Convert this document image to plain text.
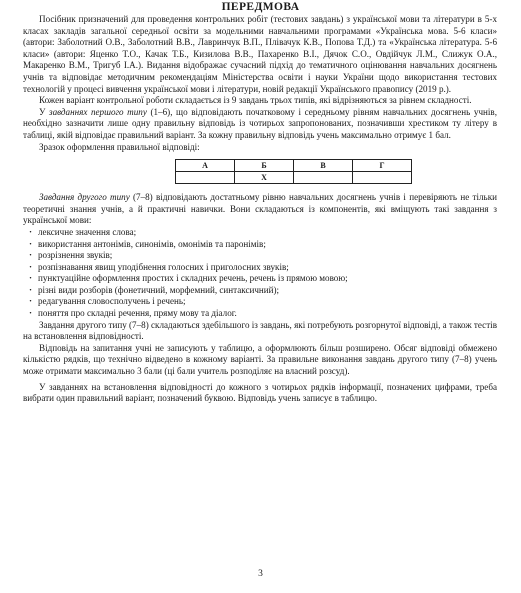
ПЕРЕДМОВА

Посібник призначений для проведення контрольних робіт (тестових завдань) з української мови та літератури в 5-х класах закладів загальної середньої освіти за модельними навчальними програмами «Українська мова. 5-6 класи» (автори: Заболотний О.В., Заболотний В.В., Лавринчук В.П., Плівачук К.В., Попова Т.Д.) та «Українська література. 5-6 класи» (автори: Яценко Т.О., Качак Т.Б., Кизилова В.В., Пахаренко В.І., Дячок С.О., Овдійчук Л.М., Слижук О.А., Макаренко В.М., Тригуб І.А.). Видання відображає сучасний підхід до тематичного оцінювання навчальних досягнень учнів та відповідає методичним рекомендаціям Міністерства освіти і науки України щодо використання тестових технологій у процесі вивчення української мови і літератури, новій редакції Українського правопису (2019 р.).

Кожен варіант контрольної роботи складається із 9 завдань трьох типів, які відрізняються за рівнем складності.

У завданнях першого типу (1–6), що відповідають початковому і середньому рівням навчальних досягнень учнів, необхідно зазначити лише одну правильну відповідь із чотирьох запропонованих, позначивши хрестиком ту літеру в таблиці, якій відповідає правильний варіант. За кожну правильну відповідь учень максимально отримує 1 бал.

Зразок оформлення правильної відповіді:

А	Б	В	Г
	Х		

Завдання другого типу (7–8) відповідають достатньому рівню навчальних досягнень учнів і перевіряють не тільки теоретичні знання учнів, а й практичні навички. Вони складаються із компонентів, які вміщують такі завдання з української мови:

· лексичне значення слова;
· використання антонімів, синонімів, омонімів та паронімів;
· розрізнення звуків;
· розпізнавання явищ уподібнення голосних і приголосних звуків;
· пунктуаційне оформлення простих і складних речень, речень із прямою мовою;
· різні види розборів (фонетичний, морфемний, синтаксичний);
· редагування словосполучень і речень;
· поняття про складні речення, пряму мову та діалог.

Завдання другого типу (7–8) складаються здебільшого із завдань, які потребують розгорнутої відповіді, а також тестів на встановлення відповідності.

Відповідь на запитання учні не записують у таблицю, а оформлюють більш розширено. Обсяг відповіді обмежено кількістю рядків, що технічно відведено в кожному варіанті. За правильне виконання завдань другого типу (7–8) учень може отримати максимально 3 бали (ці бали учитель розподіляє на власний розсуд).

У завданнях на встановлення відповідності до кожного з чотирьох рядків інформації, позначених цифрами, треба вибрати один правильний варіант, позначений буквою. Відповідь учень записує в таблицю.

3
